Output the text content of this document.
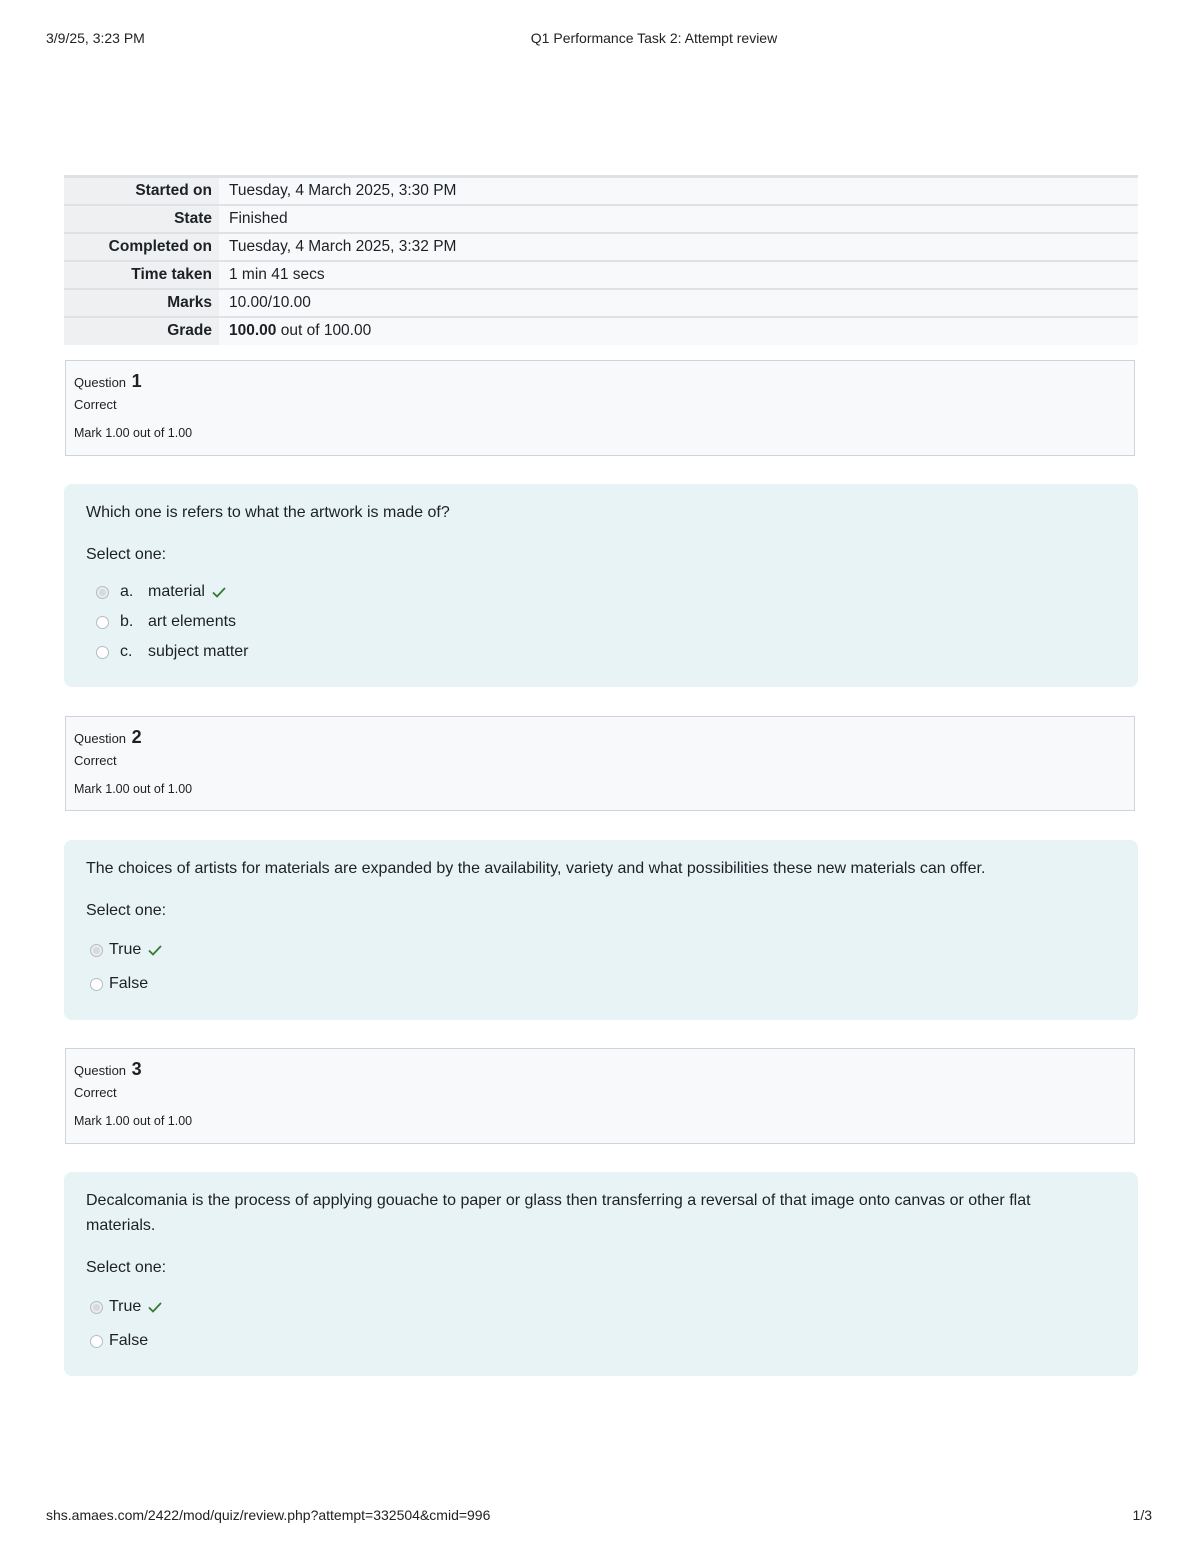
3/9/25, 3:23 PM	Q1 Performance Task 2: Attempt review
Started on	Tuesday, 4 March 2025, 3:30 PM
State	Finished
Completed on	Tuesday, 4 March 2025, 3:32 PM
Time taken	1 min 41 secs
Marks	10.00/10.00
Grade	100.00 out of 100.00
Question 1
Correct
Mark 1.00 out of 1.00
Which one is refers to what the artwork is made of?
Select one:
a. material
b. art elements
c. subject matter
Question 2
Correct
Mark 1.00 out of 1.00
The choices of artists for materials are expanded by the availability, variety and what possibilities these new materials can offer.
Select one:
True
False
Question 3
Correct
Mark 1.00 out of 1.00
Decalcomania is the process of applying gouache to paper or glass then transferring a reversal of that image onto canvas or other flat materials.
Select one:
True
False
shs.amaes.com/2422/mod/quiz/review.php?attempt=332504&cmid=996	1/3
